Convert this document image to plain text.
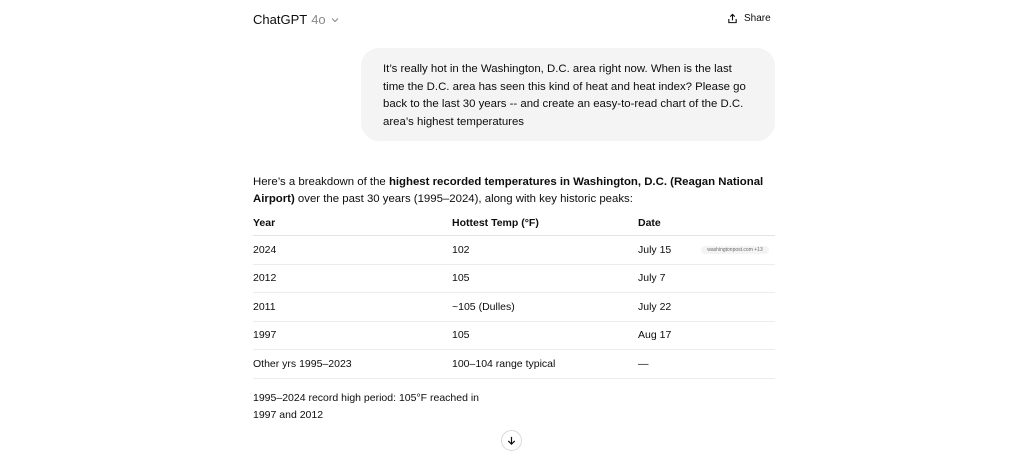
ChatGPT 4o	Share

It’s really hot in the Washington, D.C. area right now. When is the last time the D.C. area has seen this kind of heat and heat index? Please go back to the last 30 years -- and create an easy-to-read chart of the D.C. area’s highest temperatures

Here’s a breakdown of the highest recorded temperatures in Washington, D.C. (Reagan National Airport) over the past 30 years (1995–2024), along with key historic peaks:

Year	Hottest Temp (°F)	Date
2024	102	July 15	washingtonpost.com +13
2012	105	July 7
2011	~105 (Dulles)	July 22
1997	105	Aug 17
Other yrs 1995–2023	100–104 range typical	—

1995–2024 record high period: 105°F reached in 1997 and 2012
